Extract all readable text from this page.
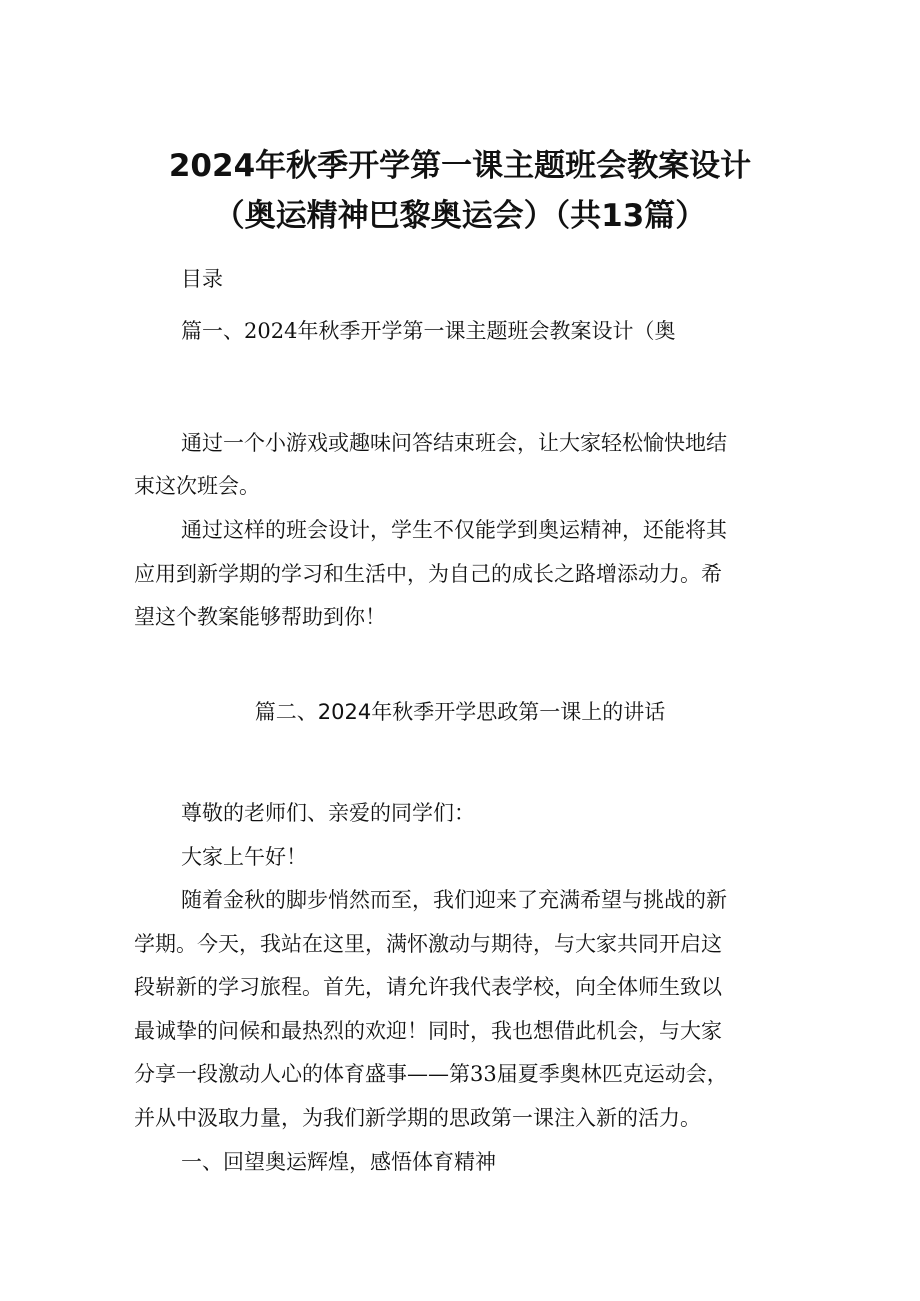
2024年秋季开学第一课主题班会教案设计
（奥运精神巴黎奥运会）（共13篇）
目录
篇一、2024年秋季开学第一课主题班会教案设计（奥
通过一个小游戏或趣味问答结束班会，让大家轻松愉快地结
束这次班会。
通过这样的班会设计，学生不仅能学到奥运精神，还能将其
应用到新学期的学习和生活中，为自己的成长之路增添动力。希
望这个教案能够帮助到你！
篇二、2024年秋季开学思政第一课上的讲话
尊敬的老师们、亲爱的同学们：
大家上午好！
随着金秋的脚步悄然而至，我们迎来了充满希望与挑战的新
学期。今天，我站在这里，满怀激动与期待，与大家共同开启这
段崭新的学习旅程。首先，请允许我代表学校，向全体师生致以
最诚挚的问候和最热烈的欢迎！同时，我也想借此机会，与大家
分享一段激动人心的体育盛事——第33届夏季奥林匹克运动会，
并从中汲取力量，为我们新学期的思政第一课注入新的活力。
一、回望奥运辉煌，感悟体育精神
